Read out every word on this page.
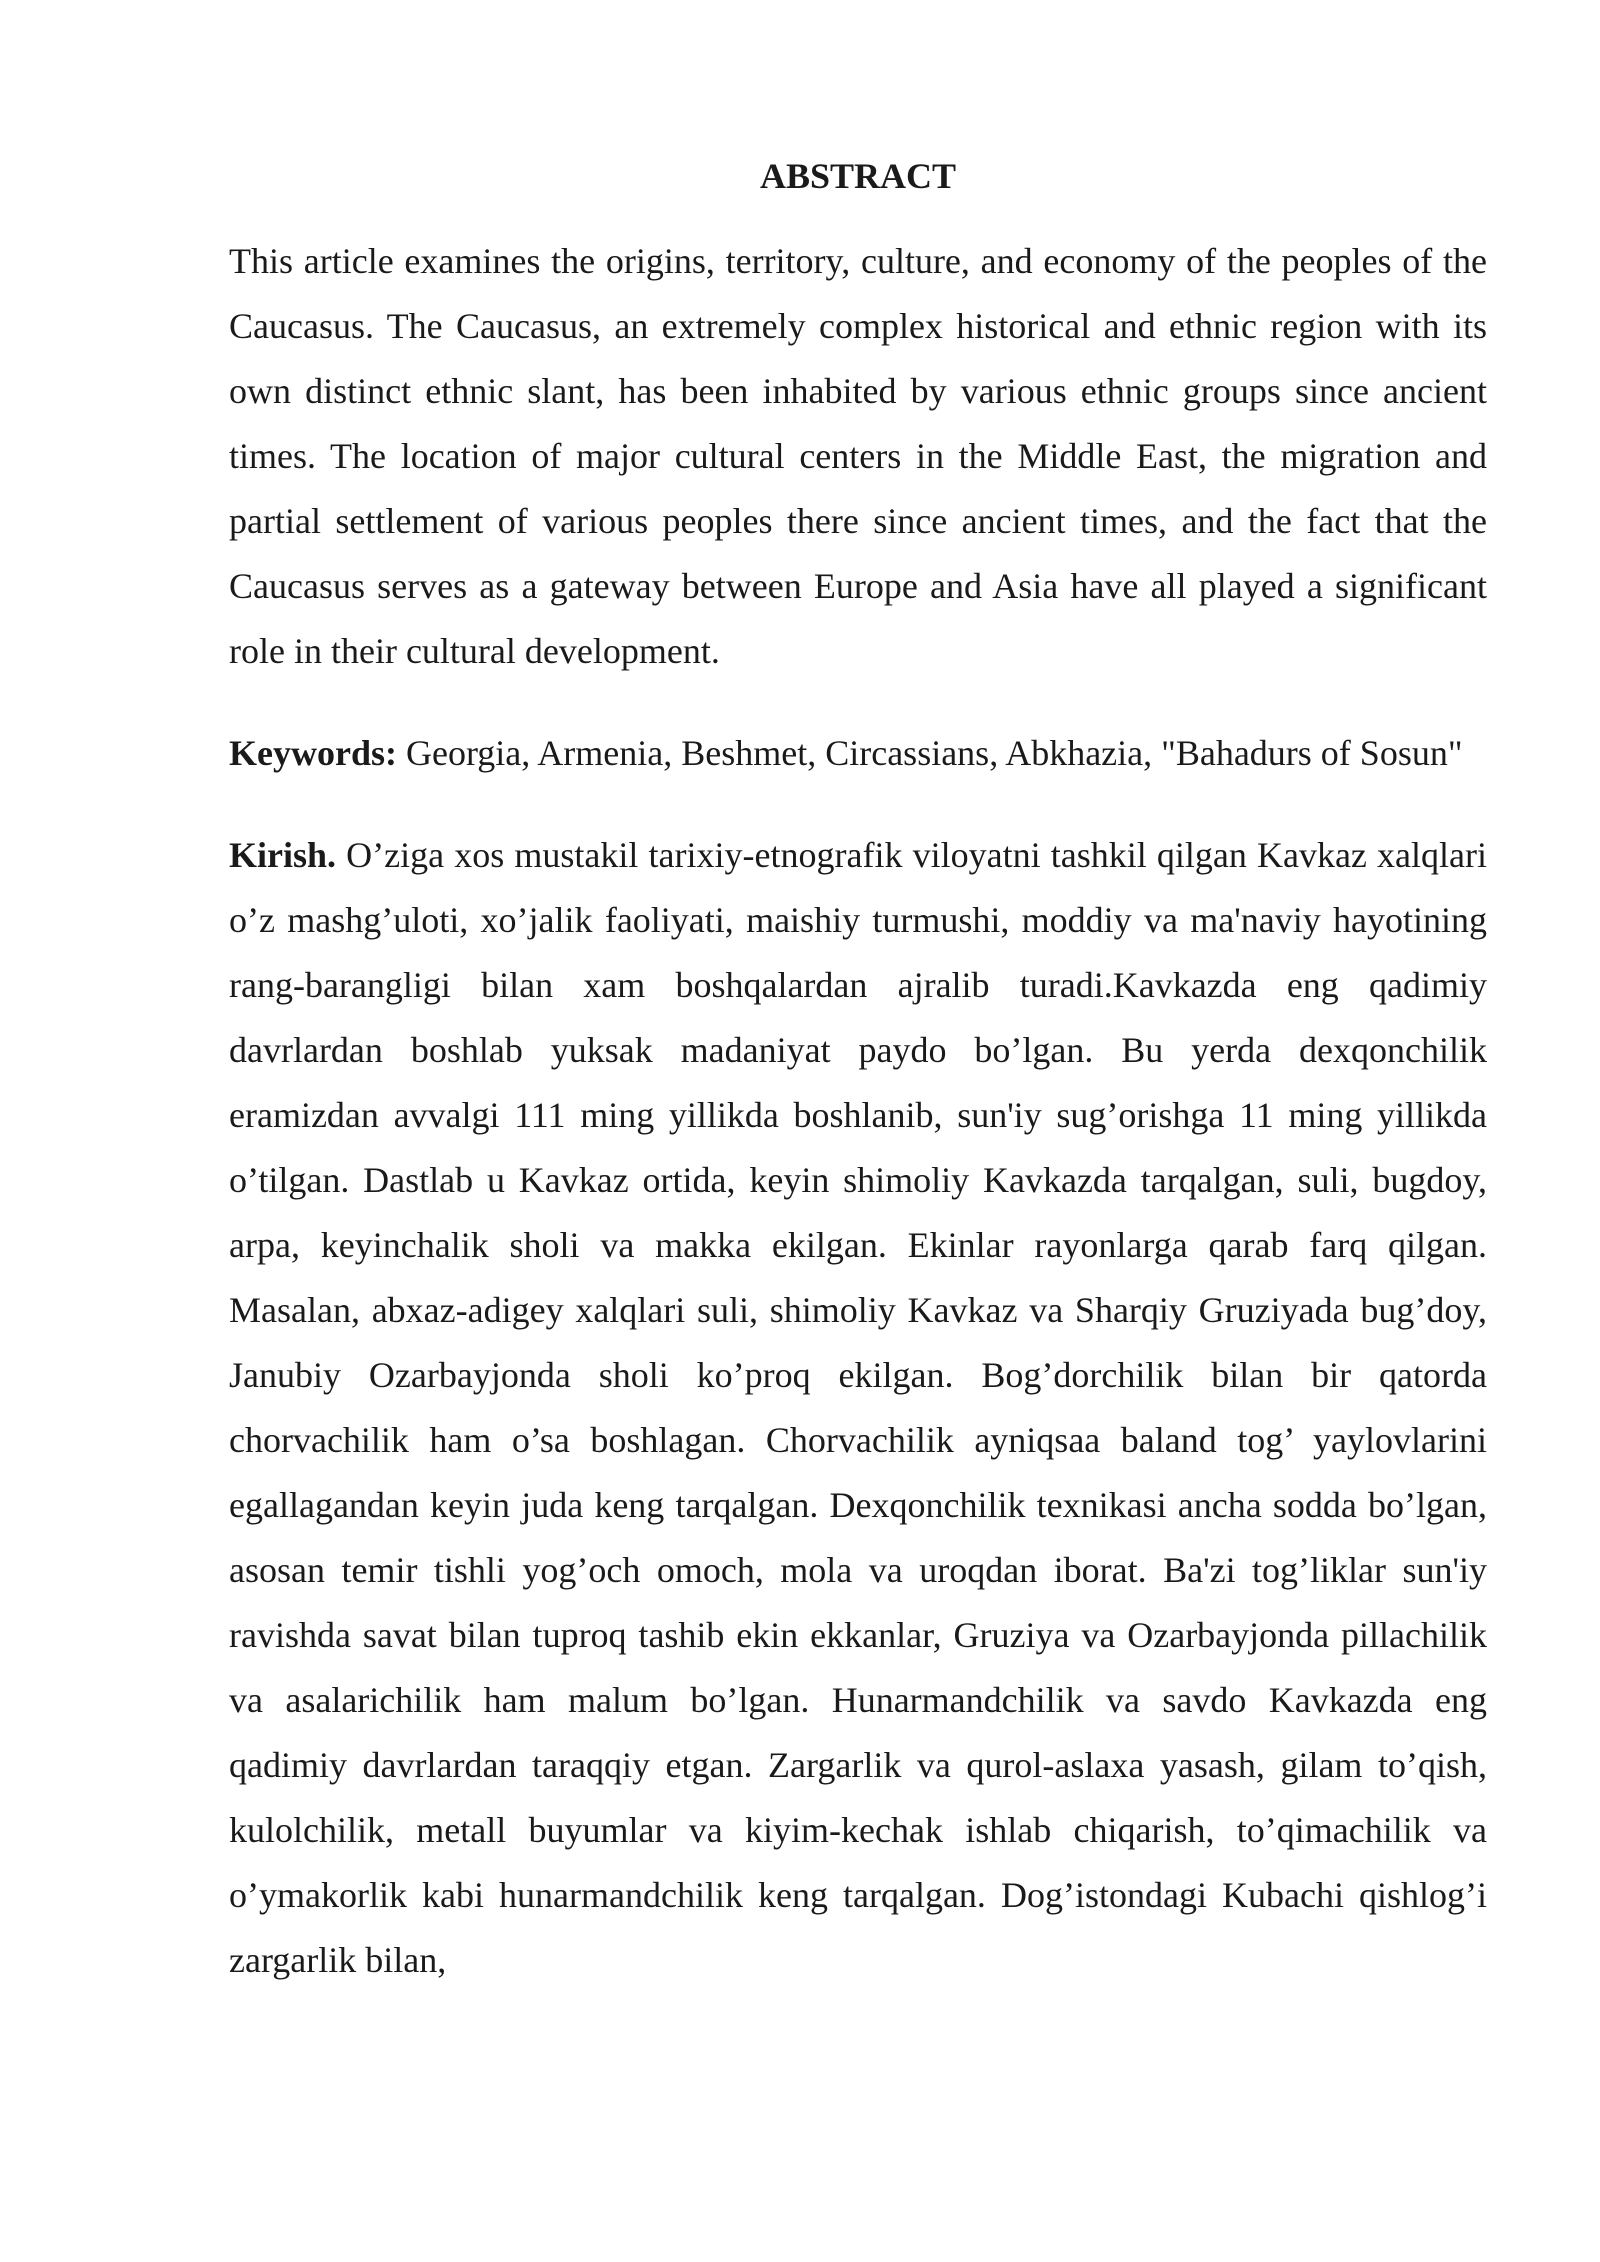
ABSTRACT

This article examines the origins, territory, culture, and economy of the peoples of the Caucasus. The Caucasus, an extremely complex historical and ethnic region with its own distinct ethnic slant, has been inhabited by various ethnic groups since ancient times. The location of major cultural centers in the Middle East, the migration and partial settlement of various peoples there since ancient times, and the fact that the Caucasus serves as a gateway between Europe and Asia have all played a significant role in their cultural development.

Keywords: Georgia, Armenia, Beshmet, Circassians, Abkhazia, "Bahadurs of Sosun"

Kirish. O’ziga xos mustakil tarixiy-etnografik viloyatni tashkil qilgan Kavkaz xalqlari o’z mashg’uloti, xo’jalik faoliyati, maishiy turmushi, moddiy va ma'naviy hayotining rang-barangligi bilan xam boshqalardan ajralib turadi.Kavkazda eng qadimiy davrlardan boshlab yuksak madaniyat paydo bo’lgan. Bu yerda dexqonchilik eramizdan avvalgi 111 ming yillikda boshlanib, sun'iy sug’orishga 11 ming yillikda o’tilgan. Dastlab u Kavkaz ortida, keyin shimoliy Kavkazda tarqalgan, suli, bugdoy, arpa, keyinchalik sholi va makka ekilgan. Ekinlar rayonlarga qarab farq qilgan. Masalan, abxaz-adigey xalqlari suli, shimoliy Kavkaz va Sharqiy Gruziyada bug’doy, Janubiy Ozarbayjonda sholi ko’proq ekilgan. Bog’dorchilik bilan bir qatorda chorvachilik ham o’sa boshlagan. Chorvachilik ayniqsaa baland tog’ yaylovlarini egallagandan keyin juda keng tarqalgan. Dexqonchilik texnikasi ancha sodda bo’lgan, asosan temir tishli yog’och omoch, mola va uroqdan iborat. Ba'zi tog’liklar sun'iy ravishda savat bilan tuproq tashib ekin ekkanlar, Gruziya va Ozarbayjonda pillachilik va asalarichilik ham malum bo’lgan. Hunarmandchilik va savdo Kavkazda eng qadimiy davrlardan taraqqiy etgan. Zargarlik va qurol-aslaxa yasash, gilam to’qish, kulolchilik, metall buyumlar va kiyim-kechak ishlab chiqarish, to’qimachilik va o’ymakorlik kabi hunarmandchilik keng tarqalgan. Dog’istondagi Kubachi qishlog’i zargarlik bilan,
